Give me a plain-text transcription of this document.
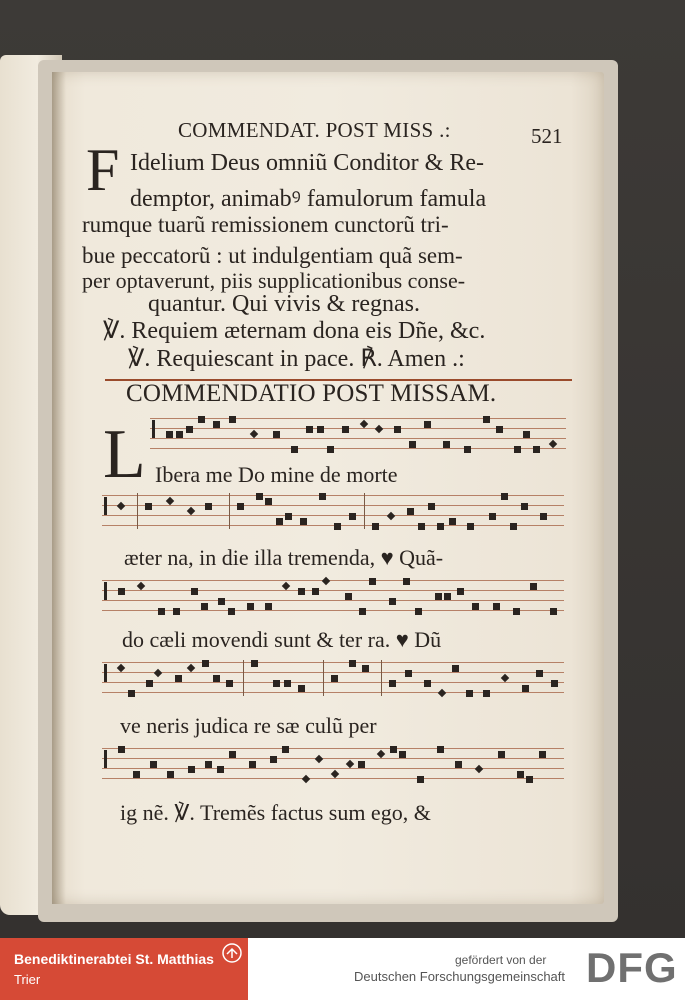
COMMENDAT. POST MISS .:	521
F Idelium Deus omniũ Conditor & Re-
demptor, animabꝰ famulorum famula
rumque tuarũ remissionem cunctorũ tri-
bue peccatorũ : ut indulgentiam quã sem-
per optaverunt, piis supplicationibus conse-
quantur. Qui vivis & regnas.
℣. Requiem æternam dona eis Dñe, &c.
℣. Requiescant in pace. ℟. Amen .:
COMMENDATIO POST MISSAM.
L Ibera me Do mine de morte
æter na, in die illa tremenda, ♥ Quã-
do cæli movendi sunt & ter ra. ♥ Dũ
ve neris judica re sæ culũ per
ig nẽ. ℣. Tremẽs factus sum ego, &
Benediktinerabtei St. Matthias
Trier
gefördert von der
Deutschen Forschungsgemeinschaft DFG
